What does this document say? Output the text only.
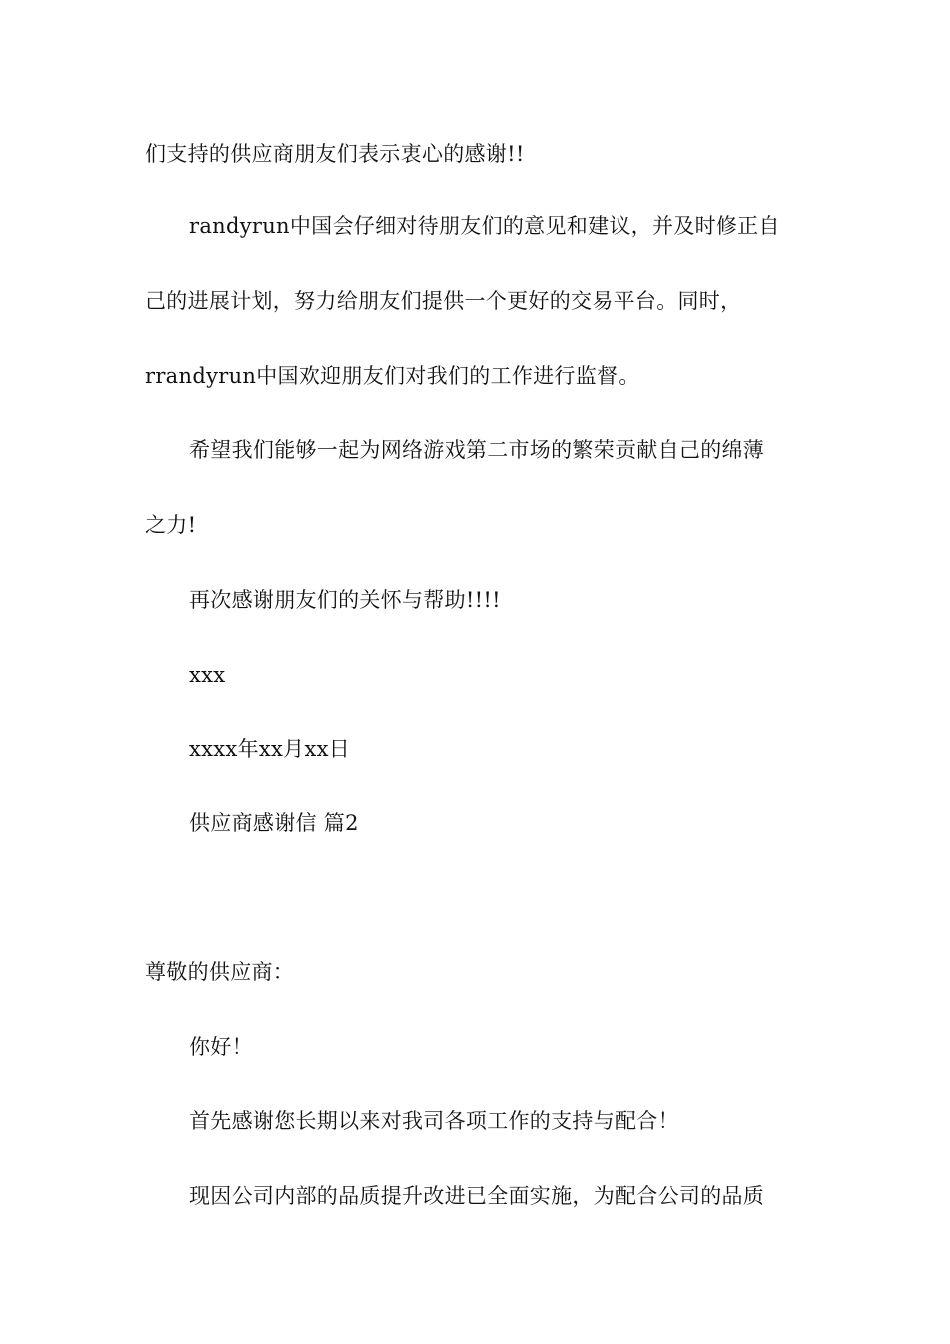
们支持的供应商朋友们表示衷心的感谢!!
randyrun中国会仔细对待朋友们的意见和建议，并及时修正自
己的进展计划，努力给朋友们提供一个更好的交易平台。同时，
rrandyrun中国欢迎朋友们对我们的工作进行监督。
希望我们能够一起为网络游戏第二市场的繁荣贡献自己的绵薄
之力!
再次感谢朋友们的关怀与帮助!!!!
xxx
xxxx年xx月xx日
供应商感谢信 篇2
尊敬的供应商：
你好！
首先感谢您长期以来对我司各项工作的支持与配合！
现因公司内部的品质提升改进已全面实施，为配合公司的品质
